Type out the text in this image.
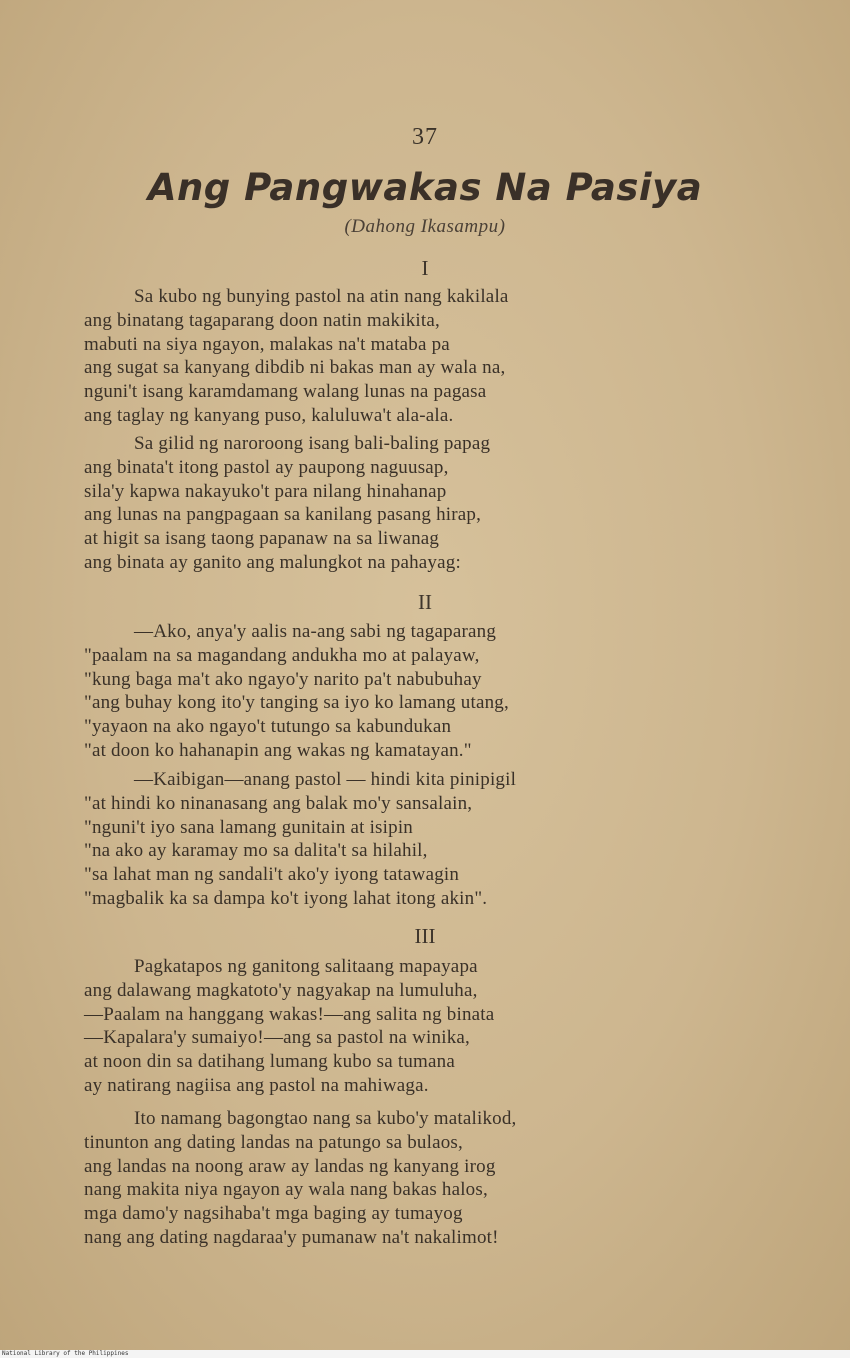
37
Ang Pangwakas Na Pasiya
(Dahong Ikasampu)
I
Sa kubo ng bunying pastol na atin nang kakilala
ang binatang tagaparang doon natin makikita,
mabuti na siya ngayon, malakas na't mataba pa
ang sugat sa kanyang dibdib ni bakas man ay wala na,
nguni't isang karamdamang walang lunas na pagasa
ang taglay ng kanyang puso, kaluluwa't ala-ala.
Sa gilid ng naroroong isang bali-baling papag
ang binata't itong pastol ay paupong naguusap,
sila'y kapwa nakayuko't para nilang hinahanap
ang lunas na pangpagaan sa kanilang pasang hirap,
at higit sa isang taong papanaw na sa liwanag
ang binata ay ganito ang malungkot na pahayag:
II
—Ako, anya'y aalis na-ang sabi ng tagaparang
"paalam na sa magandang andukha mo at palayaw,
"kung baga ma't ako ngayo'y narito pa't nabubuhay
"ang buhay kong ito'y tanging sa iyo ko lamang utang,
"yayaon na ako ngayo't tutungo sa kabundukan
"at doon ko hahanapin ang wakas ng kamatayan."
—Kaibigan—anang pastol — hindi kita pinipigil
"at hindi ko ninanasang ang balak mo'y sansalain,
"nguni't iyo sana lamang gunitain at isipin
"na ako ay karamay mo sa dalita't sa hilahil,
"sa lahat man ng sandali't ako'y iyong tatawagin
"magbalik ka sa dampa ko't iyong lahat itong akin".
III
Pagkatapos ng ganitong salitaang mapayapa
ang dalawang magkatoto'y nagyakap na lumuluha,
—Paalam na hanggang wakas!—ang salita ng binata
—Kapalara'y sumaiyo!—ang sa pastol na winika,
at noon din sa datihang lumang kubo sa tumana
ay natirang nagiisa ang pastol na mahiwaga.
Ito namang bagongtao nang sa kubo'y matalikod,
tinunton ang dating landas na patungo sa bulaos,
ang landas na noong araw ay landas ng kanyang irog
nang makita niya ngayon ay wala nang bakas halos,
mga damo'y nagsihaba't mga baging ay tumayog
nang ang dating nagdaraa'y pumanaw na't nakalimot!
National Library of the Philippines
